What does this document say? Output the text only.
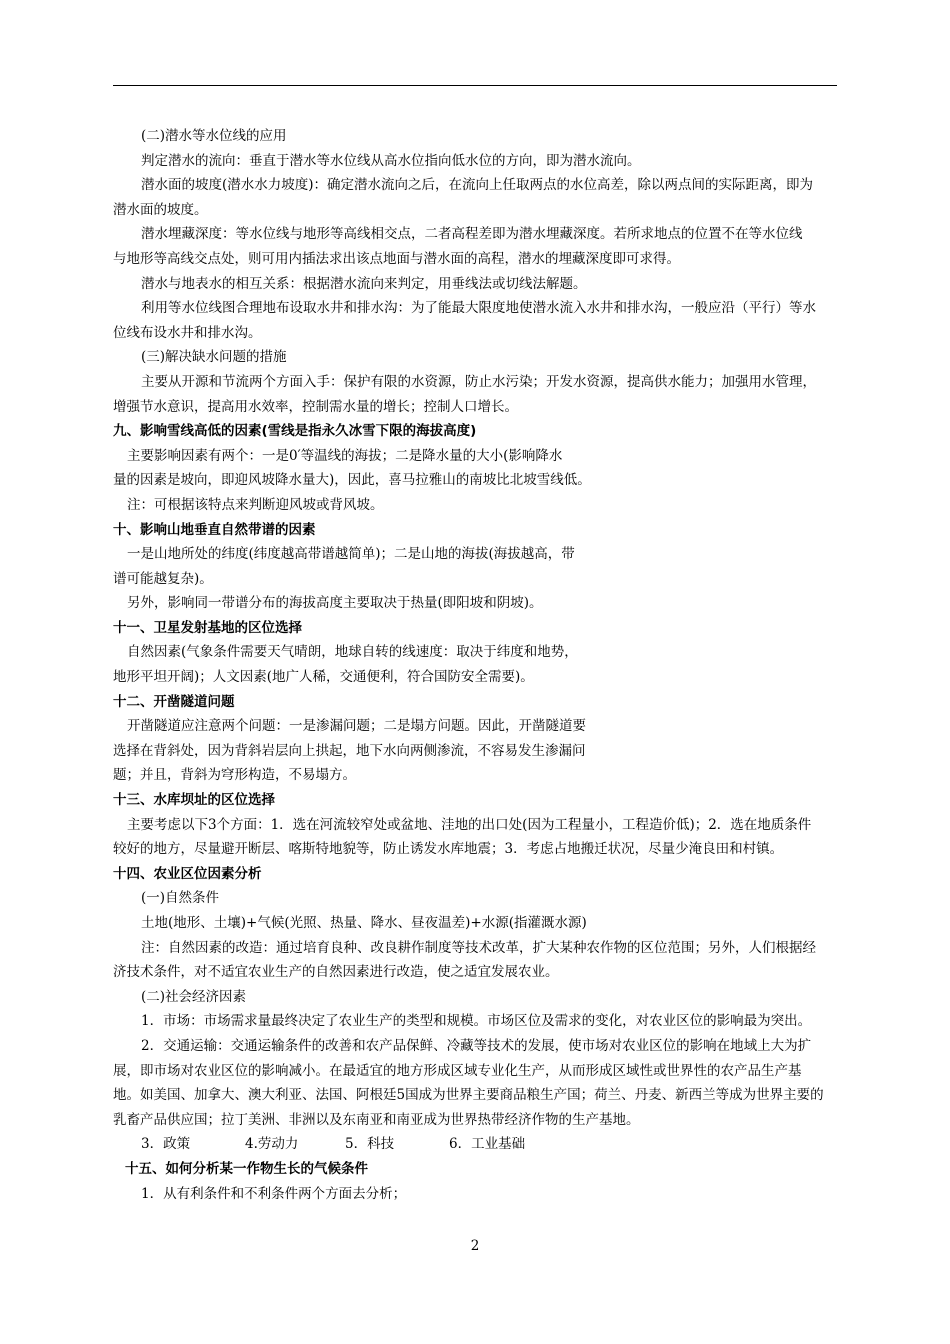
(二)潜水等水位线的应用
判定潜水的流向：垂直于潜水等水位线从高水位指向低水位的方向，即为潜水流向。
潜水面的坡度(潜水水力坡度)：确定潜水流向之后，在流向上任取两点的水位高差，除以两点间的实际距离，即为
潜水面的坡度。
潜水埋藏深度：等水位线与地形等高线相交点，二者高程差即为潜水埋藏深度。若所求地点的位置不在等水位线
与地形等高线交点处，则可用内插法求出该点地面与潜水面的高程，潜水的埋藏深度即可求得。
潜水与地表水的相互关系：根据潜水流向来判定，用垂线法或切线法解题。
利用等水位线图合理地布设取水井和排水沟：为了能最大限度地使潜水流入水井和排水沟，一般应沿（平行）等水
位线布设水井和排水沟。
(三)解决缺水问题的措施
主要从开源和节流两个方面入手：保护有限的水资源，防止水污染；开发水资源，提高供水能力；加强用水管理，
增强节水意识，提高用水效率，控制需水量的增长；控制人口增长。
九、影响雪线高低的因素(雪线是指永久冰雪下限的海拔高度)
主要影响因素有两个：一是0′等温线的海拔；二是降水量的大小(影响降水
量的因素是坡向，即迎风坡降水量大)，因此，喜马拉雅山的南坡比北坡雪线低。
注：可根据该特点来判断迎风坡或背风坡。
十、影响山地垂直自然带谱的因素
一是山地所处的纬度(纬度越高带谱越简单)；二是山地的海拔(海拔越高，带
谱可能越复杂)。
另外，影响同一带谱分布的海拔高度主要取决于热量(即阳坡和阴坡)。
十一、卫星发射基地的区位选择
自然因素(气象条件需要天气晴朗，地球自转的线速度：取决于纬度和地势，
地形平坦开阔)；人文因素(地广人稀，交通便利，符合国防安全需要)。
十二、开凿隧道问题
开凿隧道应注意两个问题：一是渗漏问题；二是塌方问题。因此，开凿隧道要
选择在背斜处，因为背斜岩层向上拱起，地下水向两侧渗流，不容易发生渗漏问
题；并且，背斜为穹形构造，不易塌方。
十三、水库坝址的区位选择
主要考虑以下3个方面：1．选在河流较窄处或盆地、洼地的出口处(因为工程量小，工程造价低)；2．选在地质条件
较好的地方，尽量避开断层、喀斯特地貌等，防止诱发水库地震；3．考虑占地搬迁状况，尽量少淹良田和村镇。
十四、农业区位因素分析
(一)自然条件
土地(地形、土壤)+气候(光照、热量、降水、昼夜温差)+水源(指灌溉水源)
注：自然因素的改造：通过培育良种、改良耕作制度等技术改革，扩大某种农作物的区位范围；另外，人们根据经
济技术条件，对不适宜农业生产的自然因素进行改造，使之适宜发展农业。
(二)社会经济因素
1．市场：市场需求量最终决定了农业生产的类型和规模。市场区位及需求的变化，对农业区位的影响最为突出。
2．交通运输：交通运输条件的改善和农产品保鲜、冷藏等技术的发展，使市场对农业区位的影响在地域上大为扩
展，即市场对农业区位的影响减小。在最适宜的地方形成区域专业化生产，从而形成区域性或世界性的农产品生产基
地。如美国、加拿大、澳大利亚、法国、阿根廷5国成为世界主要商品粮生产国；荷兰、丹麦、新西兰等成为世界主要的
乳畜产品供应国；拉丁美洲、非洲以及东南亚和南亚成为世界热带经济作物的生产基地。
3．政策	4.劳动力	5．科技	6．工业基础
十五、如何分析某一作物生长的气候条件
1．从有利条件和不利条件两个方面去分析；
2
